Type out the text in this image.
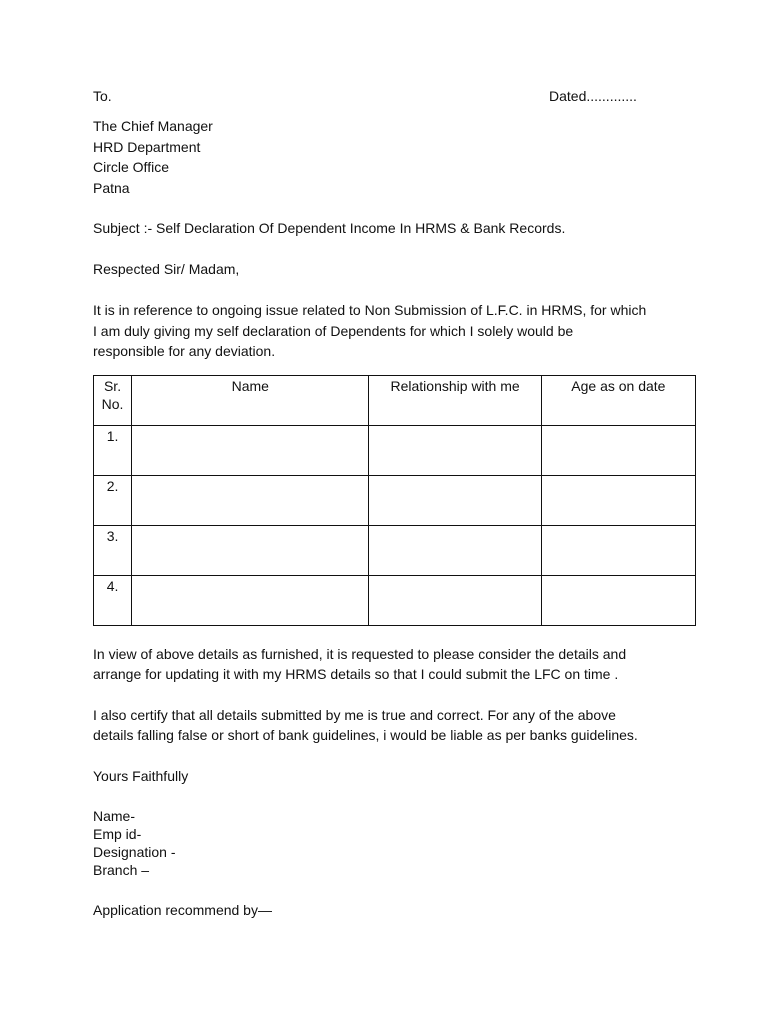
To.	Dated.............
The Chief Manager
HRD Department
Circle Office
Patna
Subject :- Self Declaration Of Dependent Income In HRMS & Bank Records.
Respected Sir/ Madam,
It is in reference to ongoing issue related to Non Submission of L.F.C. in HRMS, for which
I am duly giving my self declaration of Dependents for which I solely would be
responsible for any deviation.
Sr.
No.	Name	Relationship with me	Age as on date
1.			
2.			
3.			
4.			
In view of above details as furnished, it is requested to please consider the details and
arrange for updating it with my HRMS details so that I could submit the LFC on time .
I also certify that all details submitted by me is true and correct. For any of the above
details falling false or short of bank guidelines, i would be liable as per banks guidelines.
Yours Faithfully
Name-
Emp id-
Designation -
Branch –
Application recommend by—
